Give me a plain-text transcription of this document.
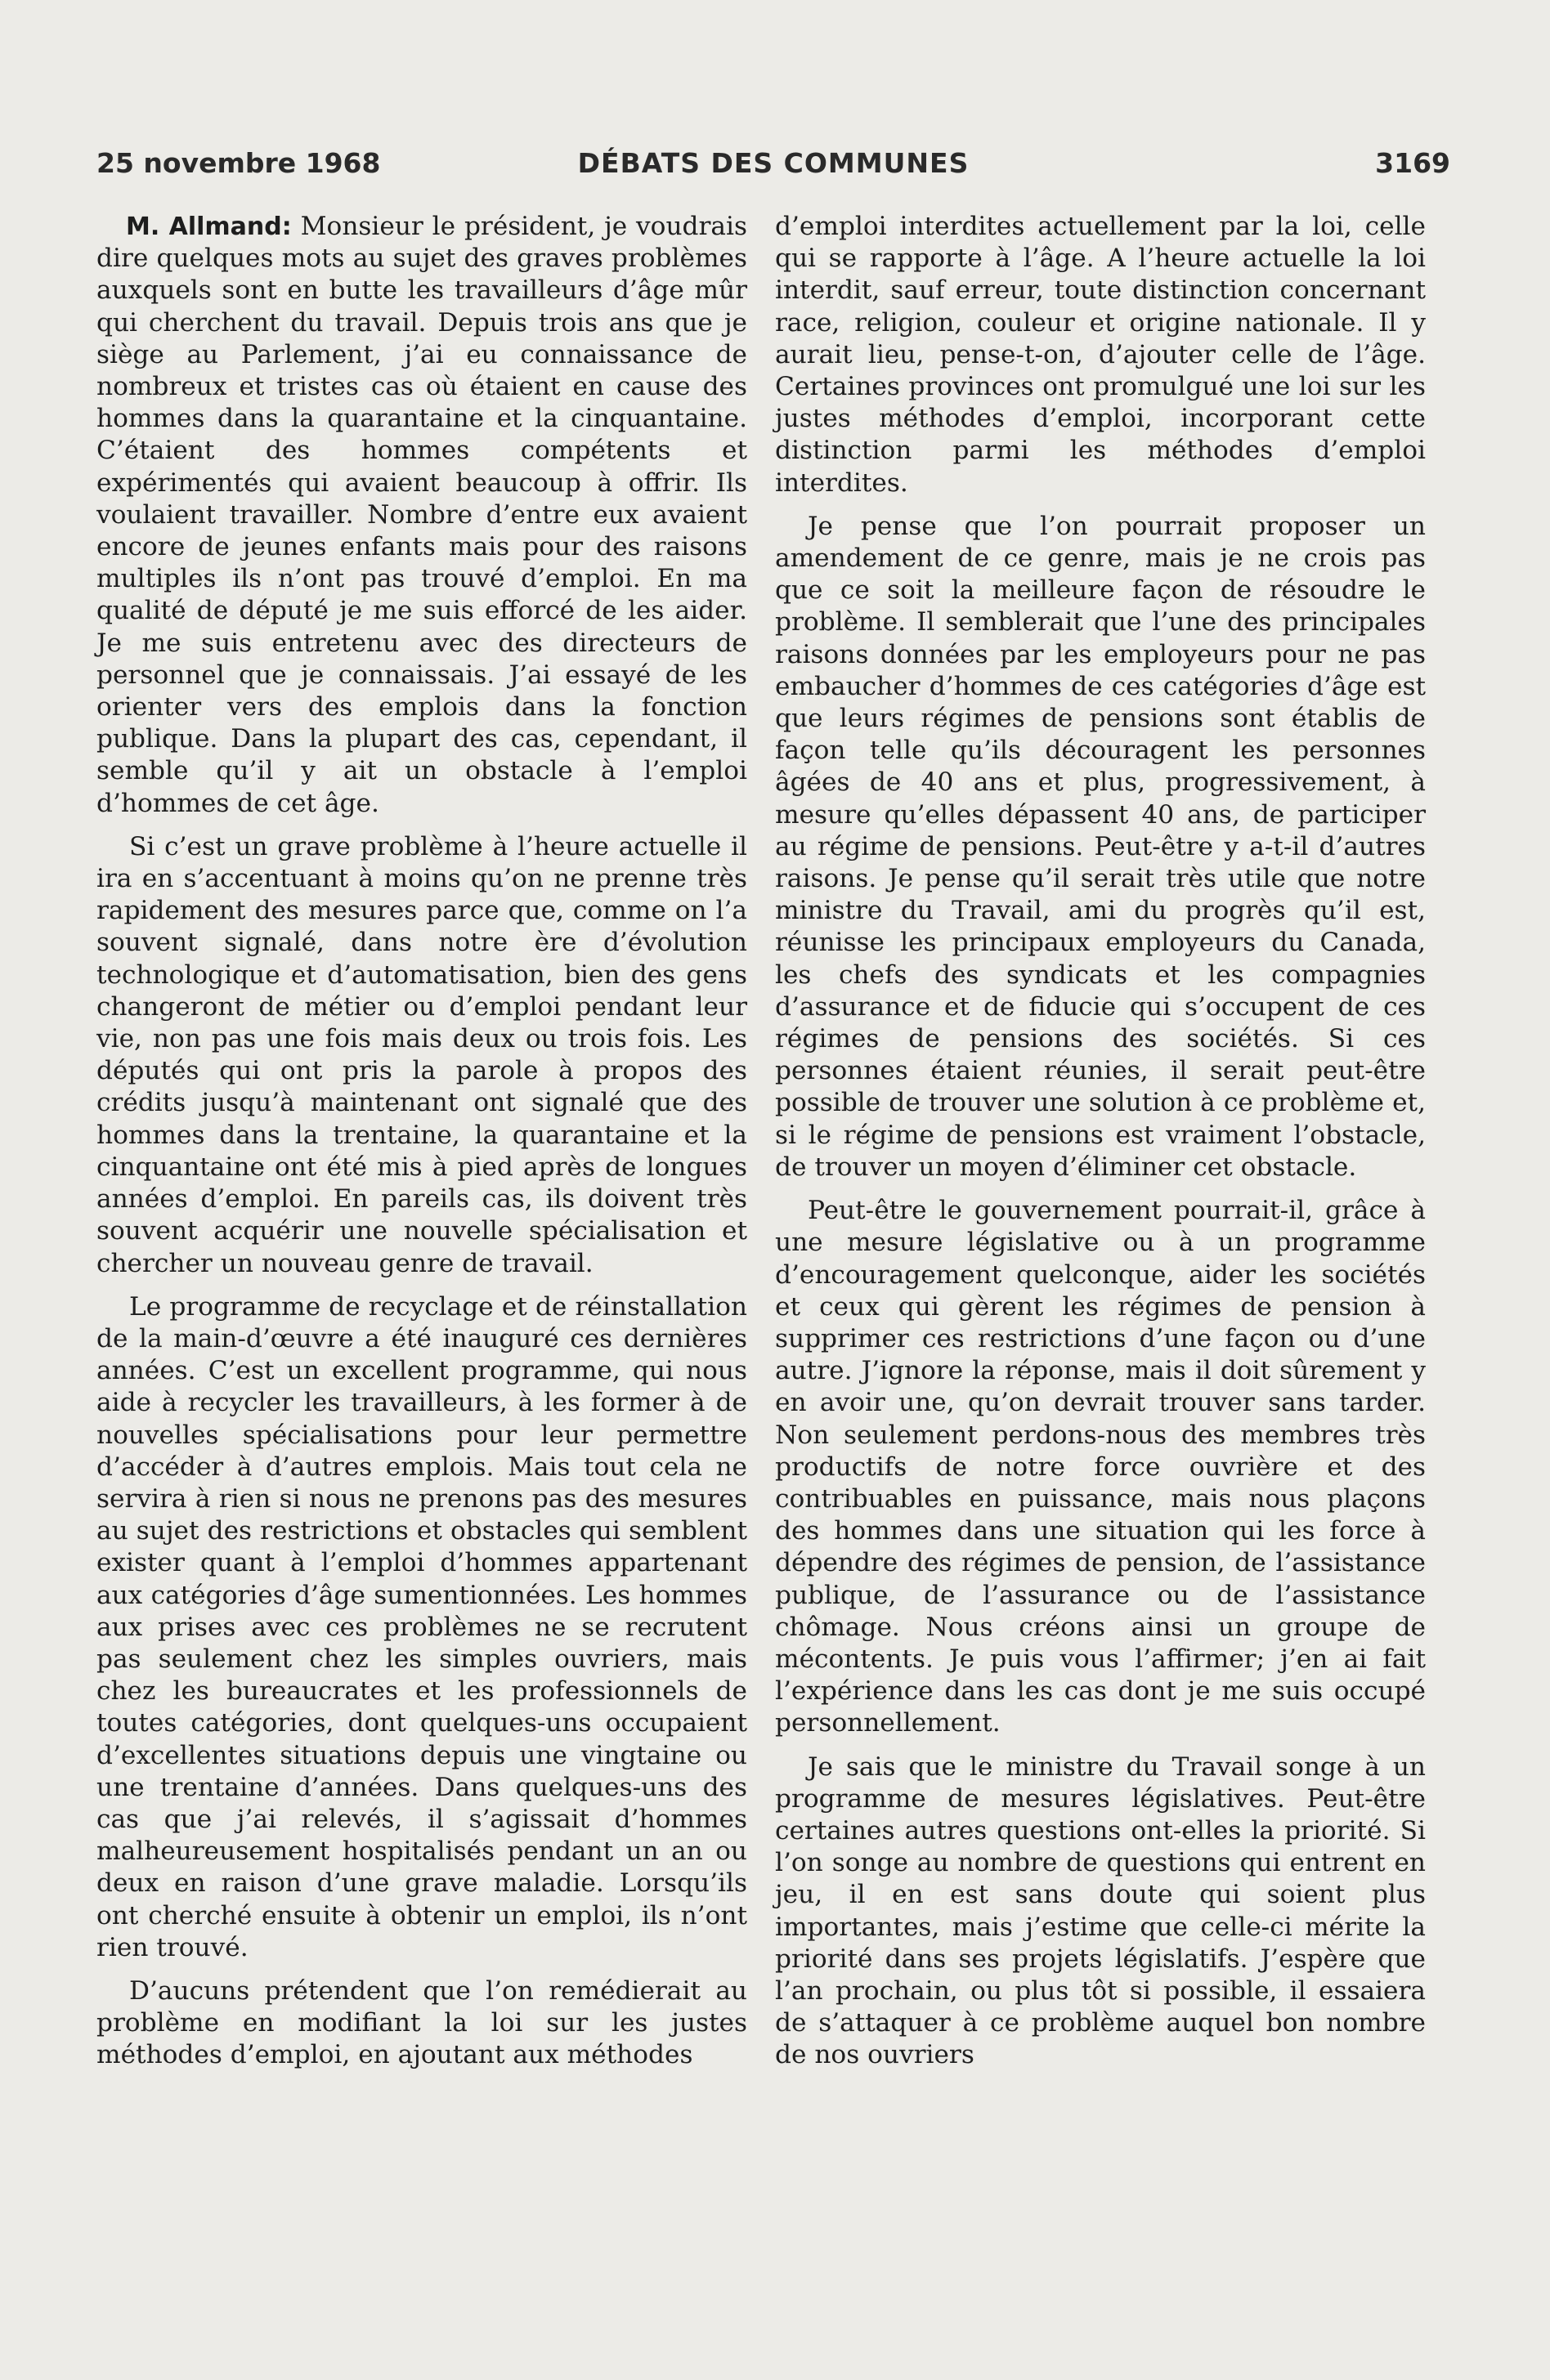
25 novembre 1968	DÉBATS DES COMMUNES	3169

M. Allmand: Monsieur le président, je voudrais dire quelques mots au sujet des graves problèmes auxquels sont en butte les travailleurs d’âge mûr qui cherchent du travail. Depuis trois ans que je siège au Parlement, j’ai eu connaissance de nombreux et tristes cas où étaient en cause des hommes dans la quarantaine et la cinquantaine. C’étaient des hommes compétents et expérimentés qui avaient beaucoup à offrir. Ils voulaient travailler. Nombre d’entre eux avaient encore de jeunes enfants mais pour des raisons multiples ils n’ont pas trouvé d’emploi. En ma qualité de député je me suis efforcé de les aider. Je me suis entretenu avec des directeurs de personnel que je connaissais. J’ai essayé de les orienter vers des emplois dans la fonction publique. Dans la plupart des cas, cependant, il semble qu’il y ait un obstacle à l’emploi d’hommes de cet âge.

Si c’est un grave problème à l’heure actuelle il ira en s’accentuant à moins qu’on ne prenne très rapidement des mesures parce que, comme on l’a souvent signalé, dans notre ère d’évolution technologique et d’automatisation, bien des gens changeront de métier ou d’emploi pendant leur vie, non pas une fois mais deux ou trois fois. Les députés qui ont pris la parole à propos des crédits jusqu’à maintenant ont signalé que des hommes dans la trentaine, la quarantaine et la cinquantaine ont été mis à pied après de longues années d’emploi. En pareils cas, ils doivent très souvent acquérir une nouvelle spécialisation et chercher un nouveau genre de travail.

Le programme de recyclage et de réinstallation de la main-d’œuvre a été inauguré ces dernières années. C’est un excellent programme, qui nous aide à recycler les travailleurs, à les former à de nouvelles spécialisations pour leur permettre d’accéder à d’autres emplois. Mais tout cela ne servira à rien si nous ne prenons pas des mesures au sujet des restrictions et obstacles qui semblent exister quant à l’emploi d’hommes appartenant aux catégories d’âge sumentionnées. Les hommes aux prises avec ces problèmes ne se recrutent pas seulement chez les simples ouvriers, mais chez les bureaucrates et les professionnels de toutes catégories, dont quelques-uns occupaient d’excellentes situations depuis une vingtaine ou une trentaine d’années. Dans quelques-uns des cas que j’ai relevés, il s’agissait d’hommes malheureusement hospitalisés pendant un an ou deux en raison d’une grave maladie. Lorsqu’ils ont cherché ensuite à obtenir un emploi, ils n’ont rien trouvé.

D’aucuns prétendent que l’on remédierait au problème en modifiant la loi sur les justes méthodes d’emploi, en ajoutant aux méthodes

d’emploi interdites actuellement par la loi, celle qui se rapporte à l’âge. A l’heure actuelle la loi interdit, sauf erreur, toute distinction concernant race, religion, couleur et origine nationale. Il y aurait lieu, pense-t-on, d’ajouter celle de l’âge. Certaines provinces ont promulgué une loi sur les justes méthodes d’emploi, incorporant cette distinction parmi les méthodes d’emploi interdites.

Je pense que l’on pourrait proposer un amendement de ce genre, mais je ne crois pas que ce soit la meilleure façon de résoudre le problème. Il semblerait que l’une des principales raisons données par les employeurs pour ne pas embaucher d’hommes de ces catégories d’âge est que leurs régimes de pensions sont établis de façon telle qu’ils découragent les personnes âgées de 40 ans et plus, progressivement, à mesure qu’elles dépassent 40 ans, de participer au régime de pensions. Peut-être y a-t-il d’autres raisons. Je pense qu’il serait très utile que notre ministre du Travail, ami du progrès qu’il est, réunisse les principaux employeurs du Canada, les chefs des syndicats et les compagnies d’assurance et de fiducie qui s’occupent de ces régimes de pensions des sociétés. Si ces personnes étaient réunies, il serait peut-être possible de trouver une solution à ce problème et, si le régime de pensions est vraiment l’obstacle, de trouver un moyen d’éliminer cet obstacle.

Peut-être le gouvernement pourrait-il, grâce à une mesure législative ou à un programme d’encouragement quelconque, aider les sociétés et ceux qui gèrent les régimes de pension à supprimer ces restrictions d’une façon ou d’une autre. J’ignore la réponse, mais il doit sûrement y en avoir une, qu’on devrait trouver sans tarder. Non seulement perdons-nous des membres très productifs de notre force ouvrière et des contribuables en puissance, mais nous plaçons des hommes dans une situation qui les force à dépendre des régimes de pension, de l’assistance publique, de l’assurance ou de l’assistance chômage. Nous créons ainsi un groupe de mécontents. Je puis vous l’affirmer; j’en ai fait l’expérience dans les cas dont je me suis occupé personnellement.

Je sais que le ministre du Travail songe à un programme de mesures législatives. Peut-être certaines autres questions ont-elles la priorité. Si l’on songe au nombre de questions qui entrent en jeu, il en est sans doute qui soient plus importantes, mais j’estime que celle-ci mérite la priorité dans ses projets législatifs. J’espère que l’an prochain, ou plus tôt si possible, il essaiera de s’attaquer à ce problème auquel bon nombre de nos ouvriers
